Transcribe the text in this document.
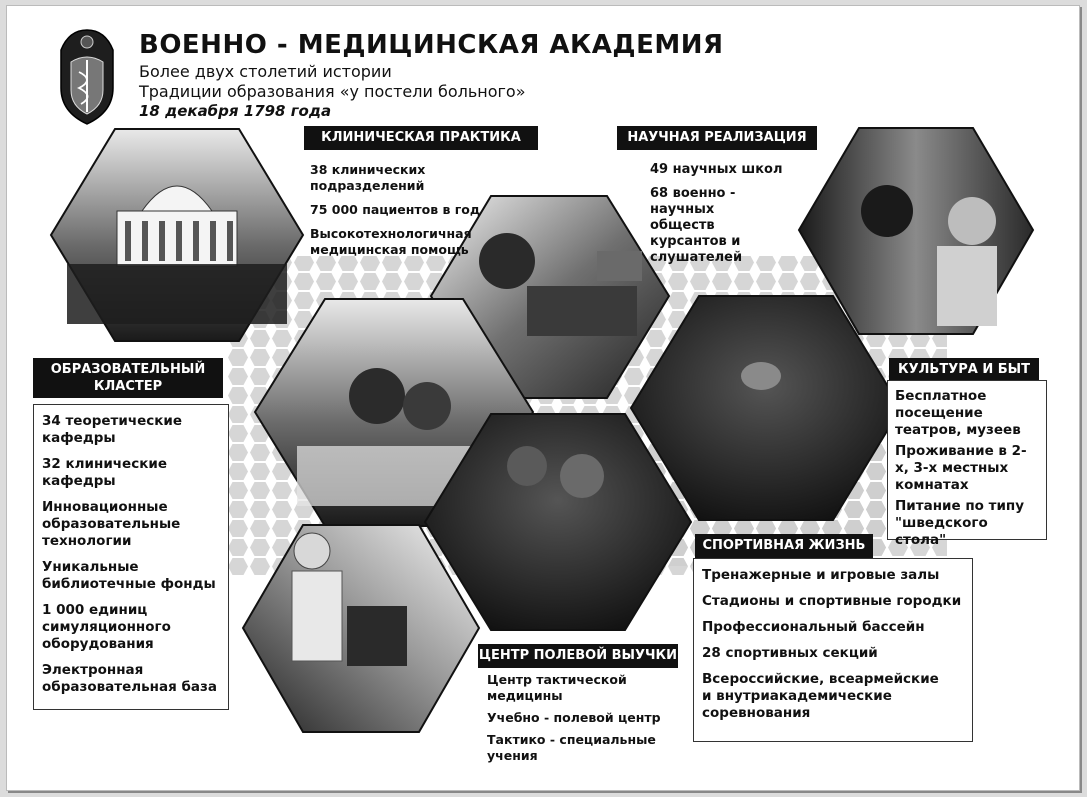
ВОЕННО - МЕДИЦИНСКАЯ АКАДЕМИЯ
Более двух столетий истории
Традиции образования «у постели больного»
18 декабря 1798 года
КЛИНИЧЕСКАЯ ПРАКТИКА

38 клинических подразделений

75 000 пациентов в год

Высокотехнологичная медицинская помощь

НАУЧНАЯ РЕАЛИЗАЦИЯ

49 научных школ

68 военно - научных обществ курсантов и слушателей

ОБРАЗОВАТЕЛЬНЫЙ КЛАСТЕР

34 теоретические кафедры

32 клинические кафедры

Инновационные образовательные технологии

Уникальные библиотечные фонды

1 000 единиц симуляционного оборудования

Электронная образовательная база

КУЛЬТУРА И БЫТ

Бесплатное посещение театров, музеев

Проживание в 2-х, 3-х местных комнатах

Питание по типу "шведского стола"

СПОРТИВНАЯ ЖИЗНЬ

Тренажерные и игровые залы

Стадионы и спортивные городки

Профессиональный бассейн

28 спортивных секций

Всероссийские, всеармейские и внутриакадемические соревнования

ЦЕНТР ПОЛЕВОЙ ВЫУЧКИ

Центр тактической медицины

Учебно - полевой центр

Тактико - специальные учения
